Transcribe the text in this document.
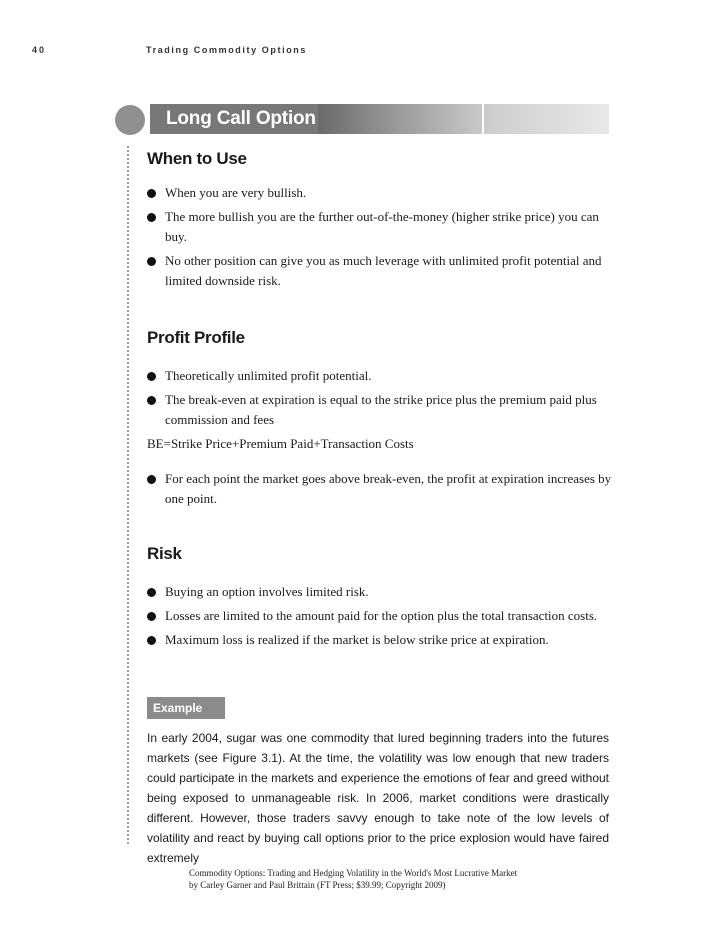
40	Trading Commodity Options
Long Call Option
When to Use
When you are very bullish.
The more bullish you are the further out-of-the-money (higher strike price) you can buy.
No other position can give you as much leverage with unlimited profit potential and limited downside risk.
Profit Profile
Theoretically unlimited profit potential.
The break-even at expiration is equal to the strike price plus the premium paid plus commission and fees
BE=Strike Price+Premium Paid+Transaction Costs
For each point the market goes above break-even, the profit at expiration increases by one point.
Risk
Buying an option involves limited risk.
Losses are limited to the amount paid for the option plus the total transaction costs.
Maximum loss is realized if the market is below strike price at expiration.
Example

In early 2004, sugar was one commodity that lured beginning traders into the futures markets (see Figure 3.1). At the time, the volatility was low enough that new traders could participate in the markets and experience the emotions of fear and greed without being exposed to unmanageable risk. In 2006, market conditions were drastically different. However, those traders savvy enough to take note of the low levels of volatility and react by buying call options prior to the price explosion would have faired extremely

Commodity Options: Trading and Hedging Volatility in the World's Most Lucrative Market
by Carley Garner and Paul Brittain (FT Press; $39.99; Copyright 2009)
